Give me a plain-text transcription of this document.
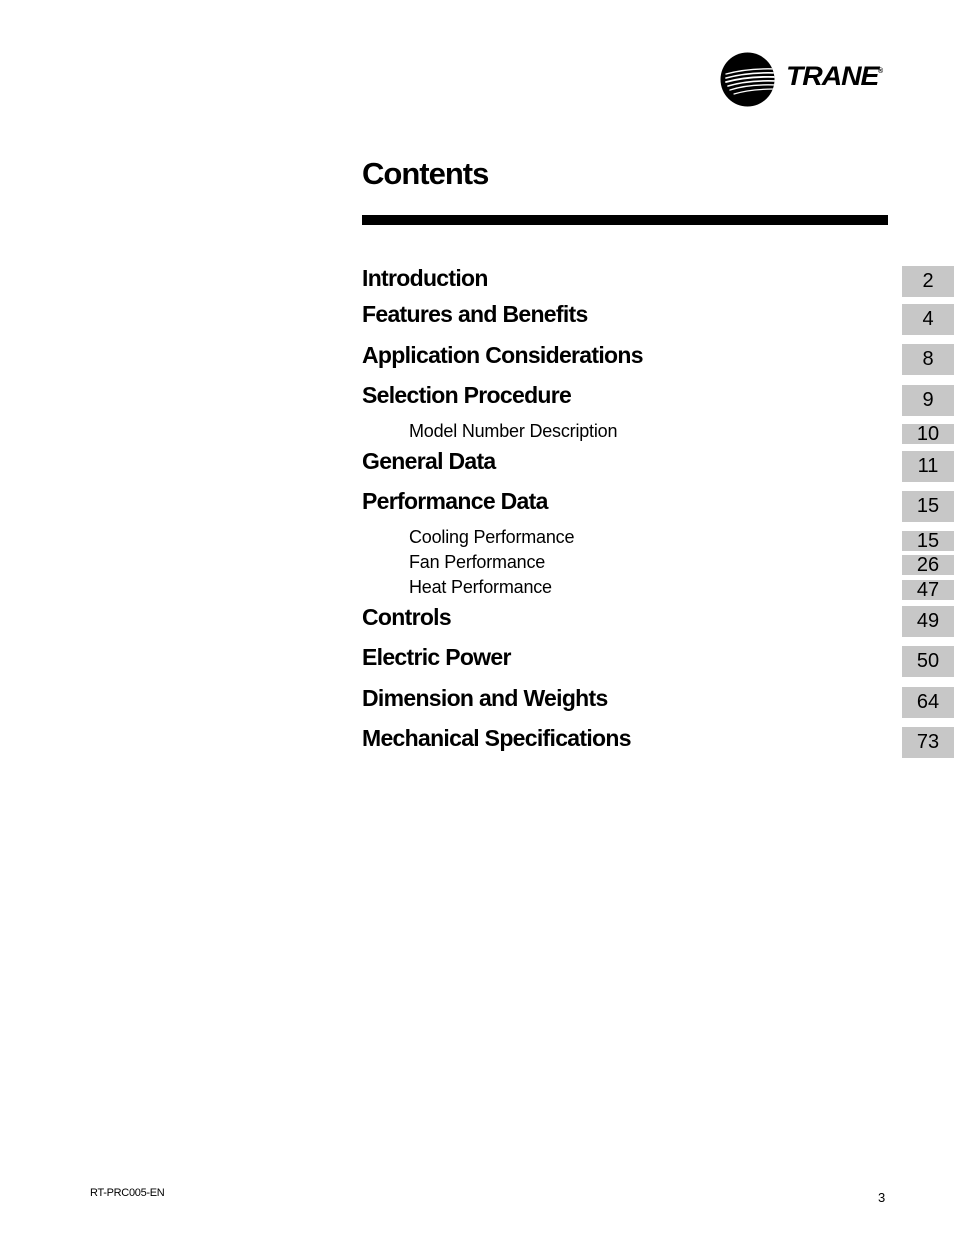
TRANE ®
Contents
Introduction	2
Features and Benefits	4
Application Considerations	8
Selection Procedure	9
Model Number Description	10
General Data	11
Performance Data	15
Cooling Performance	15
Fan Performance	26
Heat Performance	47
Controls	49
Electric Power	50
Dimension and Weights	64
Mechanical Specifications	73
RT-PRC005-EN	3
